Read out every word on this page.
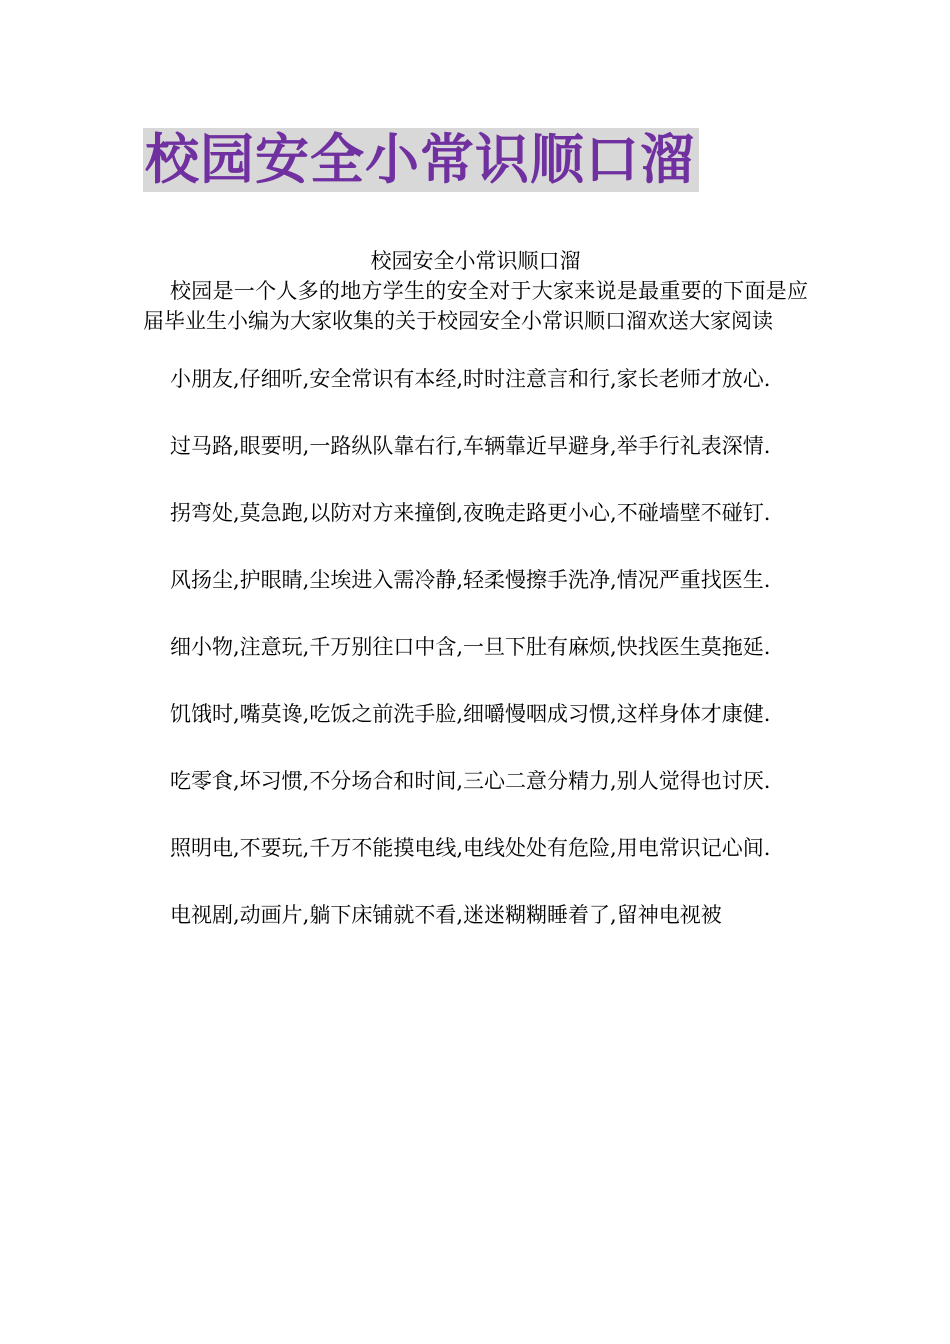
校园安全小常识顺口溜
校园安全小常识顺口溜

校园是一个人多的地方学生的安全对于大家来说是最重要的下面是应届毕业生小编为大家收集的关于校园安全小常识顺口溜欢送大家阅读

小朋友,仔细听,安全常识有本经,时时注意言和行,家长老师才放心.

过马路,眼要明,一路纵队靠右行,车辆靠近早避身,举手行礼表深情.

拐弯处,莫急跑,以防对方来撞倒,夜晚走路更小心,不碰墙壁不碰钉.

风扬尘,护眼睛,尘埃进入需冷静,轻柔慢擦手洗净,情况严重找医生.

细小物,注意玩,千万别往口中含,一旦下肚有麻烦,快找医生莫拖延.

饥饿时,嘴莫谗,吃饭之前洗手脸,细嚼慢咽成习惯,这样身体才康健.

吃零食,坏习惯,不分场合和时间,三心二意分精力,别人觉得也讨厌.

照明电,不要玩,千万不能摸电线,电线处处有危险,用电常识记心间.

电视剧,动画片,躺下床铺就不看,迷迷糊糊睡着了,留神电视被
